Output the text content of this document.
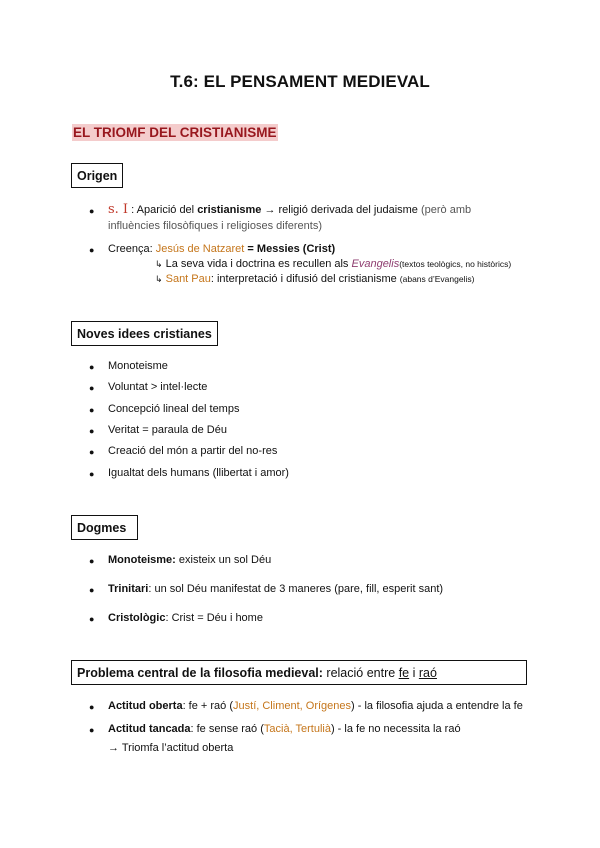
T.6: EL PENSAMENT MEDIEVAL
EL TRIOMF DEL CRISTIANISME
Origen
● s. I : Aparició del cristianisme → religió derivada del judaisme (però amb
influències filosòfiques i religioses diferents)
● Creença: Jesús de Natzaret = Messies (Crist)
↳ La seva vida i doctrina es recullen als Evangelis(textos teològics, no històrics)
↳ Sant Pau: interpretació i difusió del cristianisme (abans d’Evangelis)
Noves idees cristianes
● Monoteisme
● Voluntat > intel·lecte
● Concepció lineal del temps
● Veritat = paraula de Déu
● Creació del món a partir del no-res
● Igualtat dels humans (llibertat i amor)
Dogmes
● Monoteisme: existeix un sol Déu
● Trinitari: un sol Déu manifestat de 3 maneres (pare, fill, esperit sant)
● Cristològic: Crist = Déu i home
Problema central de la filosofia medieval: relació entre fe i raó
● Actitud oberta: fe + raó (Justí, Climent, Orígenes) - la filosofia ajuda a entendre la fe
● Actitud tancada: fe sense raó (Tacià, Tertulià) - la fe no necessita la raó
→ Triomfa l’actitud oberta
